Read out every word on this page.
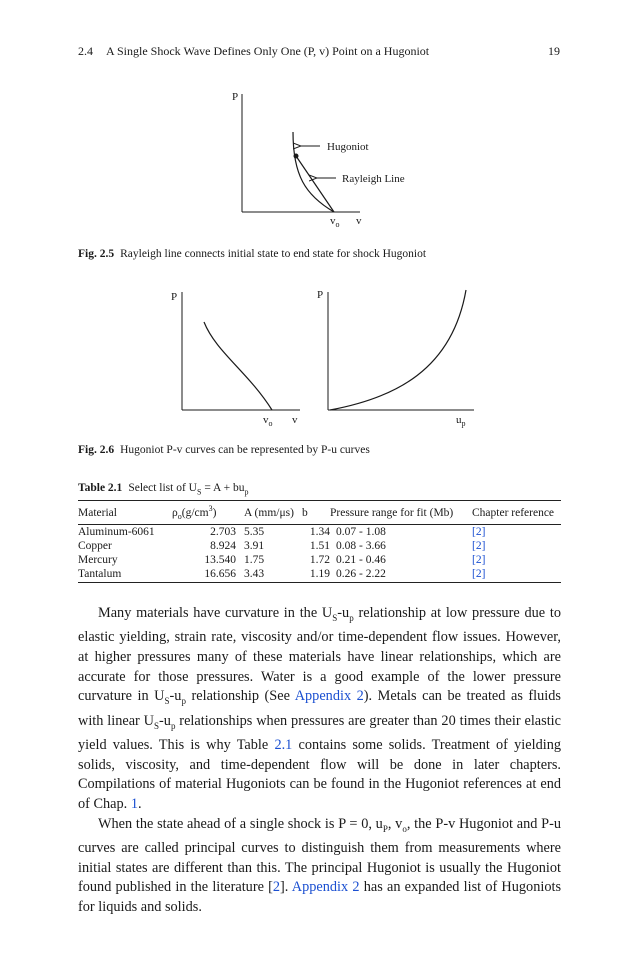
2.4 A Single Shock Wave Defines Only One (P, v) Point on a Hugoniot	19
P
v
$v_o$
Hugoniot
Rayleigh Line
P
v
$v_o$
P
$u_p$
Fig. 2.5 Rayleigh line connects initial state to end state for shock Hugoniot
Fig. 2.6 Hugoniot P-v curves can be represented by P-u curves
Table 2.1 Select list of $U_S = A + bu_p$
Material	$\rho_o(g/cm^3)$	A (mm/μs)	b	Pressure range for fit (Mb)	Chapter reference
Aluminum-6061	2.703	5.35	1.34	0.07 - 1.08	[2]
Copper	8.924	3.91	1.51	0.08 - 3.66	[2]
Mercury	13.540	1.75	1.72	0.21 - 0.46	[2]
Tantalum	16.656	3.43	1.19	0.26 - 2.22	[2]

Many materials have curvature in the $U_S-u_p$ relationship at low pressure due to elastic yielding, strain rate, viscosity and/or time-dependent flow issues. However, at higher pressures many of these materials have linear relationships, which are accurate for those pressures. Water is a good example of the lower pressure curvature in $U_S-u_p$ relationship (See Appendix 2). Metals can be treated as fluids with linear $U_S-u_p$ relationships when pressures are greater than 20 times their elastic yield values. This is why Table 2.1 contains some solids. Treatment of yielding solids, viscosity, and time-dependent flow will be done in later chapters. Compilations of material Hugoniots can be found in the Hugoniot references at end of Chap. 1.

When the state ahead of a single shock is P = 0, $u_P$, $v_o$, the P-v Hugoniot and P-u curves are called principal curves to distinguish them from measurements where initial states are different than this. The principal Hugoniot is usually the Hugoniot found published in the literature [2]. Appendix 2 has an expanded list of Hugoniots for liquids and solids.
